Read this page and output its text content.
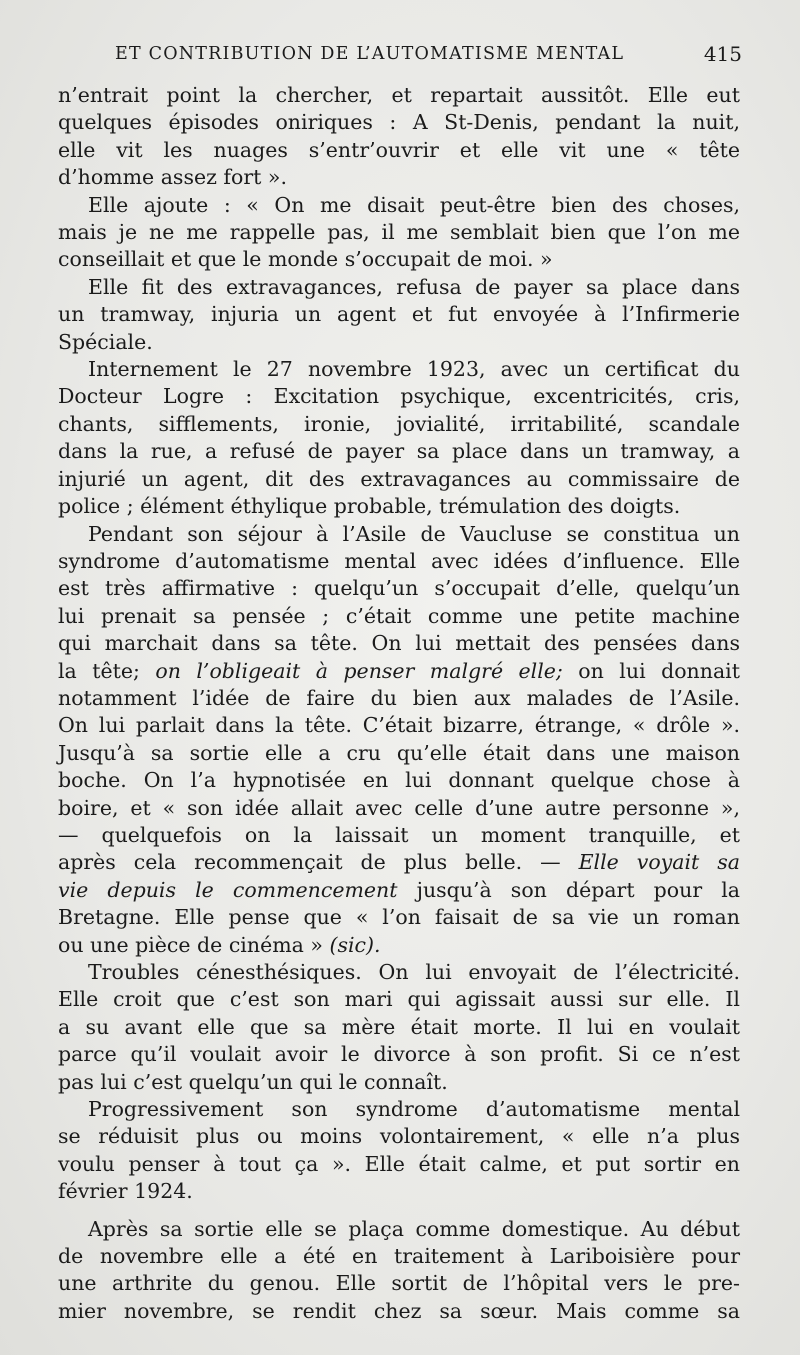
ET CONTRIBUTION DE L’AUTOMATISME MENTAL	415

n’entrait point la chercher, et repartait aussitôt. Elle eut

quelques épisodes oniriques : A St-Denis, pendant la nuit,

elle vit les nuages s’entr’ouvrir et elle vit une « tête

d’homme assez fort ».

Elle ajoute : « On me disait peut-être bien des choses,

mais je ne me rappelle pas, il me semblait bien que l’on me

conseillait et que le monde s’occupait de moi. »

Elle fit des extravagances, refusa de payer sa place dans

un tramway, injuria un agent et fut envoyée à l’Infirmerie

Spéciale.

Internement le 27 novembre 1923, avec un certificat du

Docteur Logre : Excitation psychique, excentricités, cris,

chants, sifflements, ironie, jovialité, irritabilité, scandale

dans la rue, a refusé de payer sa place dans un tramway, a

injurié un agent, dit des extravagances au commissaire de

police ; élément éthylique probable, trémulation des doigts.

Pendant son séjour à l’Asile de Vaucluse se constitua un

syndrome d’automatisme mental avec idées d’influence. Elle

est très affirmative : quelqu’un s’occupait d’elle, quelqu’un

lui prenait sa pensée ; c’était comme une petite machine

qui marchait dans sa tête. On lui mettait des pensées dans

la tête; on l’obligeait à penser malgré elle; on lui donnait

notamment l’idée de faire du bien aux malades de l’Asile.

On lui parlait dans la tête. C’était bizarre, étrange, « drôle ».

Jusqu’à sa sortie elle a cru qu’elle était dans une maison

boche. On l’a hypnotisée en lui donnant quelque chose à

boire, et « son idée allait avec celle d’une autre personne »,

— quelquefois on la laissait un moment tranquille, et

après cela recommençait de plus belle. — Elle voyait sa

vie depuis le commencement jusqu’à son départ pour la

Bretagne. Elle pense que « l’on faisait de sa vie un roman

ou une pièce de cinéma » (sic).

Troubles cénesthésiques. On lui envoyait de l’électricité.

Elle croit que c’est son mari qui agissait aussi sur elle. Il

a su avant elle que sa mère était morte. Il lui en voulait

parce qu’il voulait avoir le divorce à son profit. Si ce n’est

pas lui c’est quelqu’un qui le connaît.

Progressivement son syndrome d’automatisme mental

se réduisit plus ou moins volontairement, « elle n’a plus

voulu penser à tout ça ». Elle était calme, et put sortir en

février 1924.

Après sa sortie elle se plaça comme domestique. Au début

de novembre elle a été en traitement à Lariboisière pour

une arthrite du genou. Elle sortit de l’hôpital vers le pre-

mier novembre, se rendit chez sa sœur. Mais comme sa
